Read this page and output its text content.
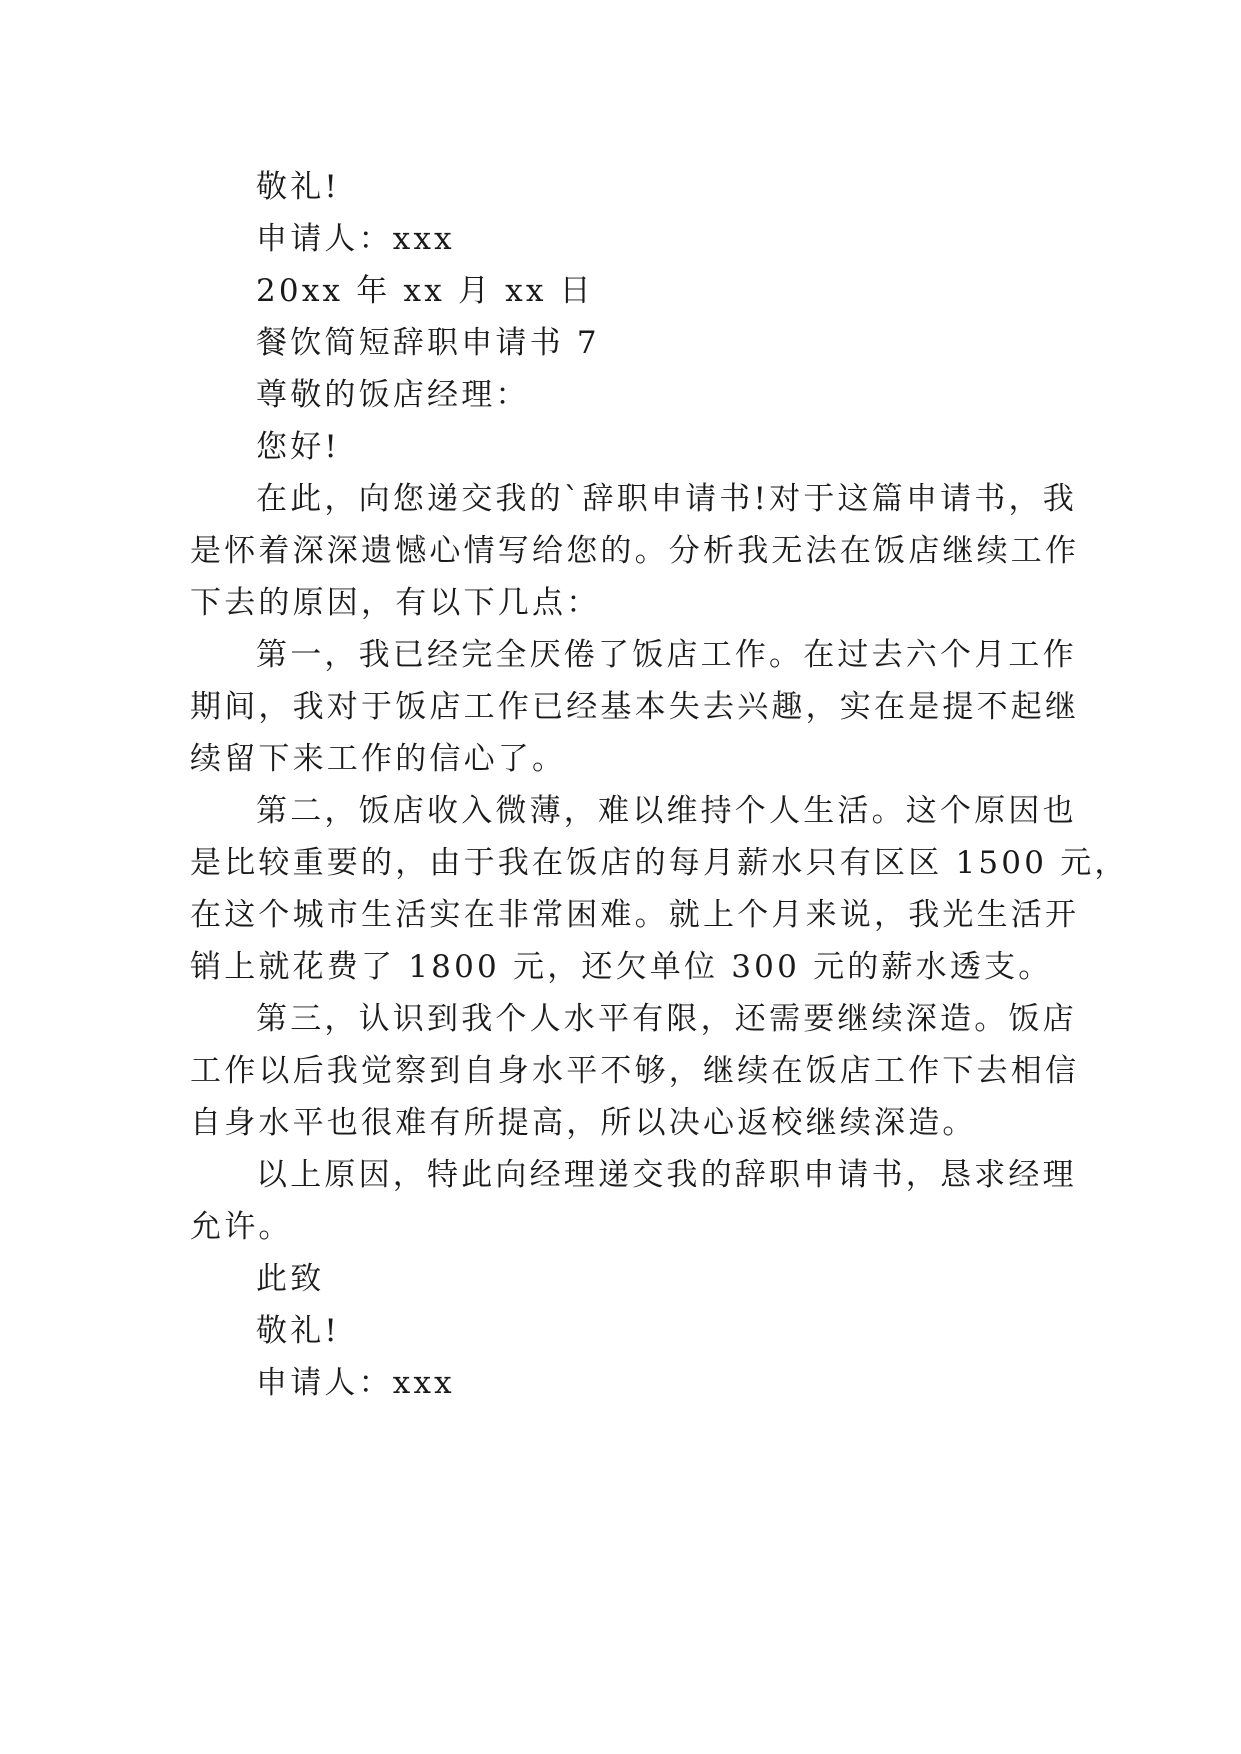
敬礼!
申请人：xxx
20xx 年 xx 月 xx 日
餐饮简短辞职申请书 7
尊敬的饭店经理：
您好!
在此，向您递交我的`辞职申请书!对于这篇申请书，我
是怀着深深遗憾心情写给您的。分析我无法在饭店继续工作
下去的原因，有以下几点：
第一，我已经完全厌倦了饭店工作。在过去六个月工作
期间，我对于饭店工作已经基本失去兴趣，实在是提不起继
续留下来工作的信心了。
第二，饭店收入微薄，难以维持个人生活。这个原因也
是比较重要的，由于我在饭店的每月薪水只有区区 1500 元，
在这个城市生活实在非常困难。就上个月来说，我光生活开
销上就花费了 1800 元，还欠单位 300 元的薪水透支。
第三，认识到我个人水平有限，还需要继续深造。饭店
工作以后我觉察到自身水平不够，继续在饭店工作下去相信
自身水平也很难有所提高，所以决心返校继续深造。
以上原因，特此向经理递交我的辞职申请书，恳求经理
允许。
此致
敬礼!
申请人：xxx
